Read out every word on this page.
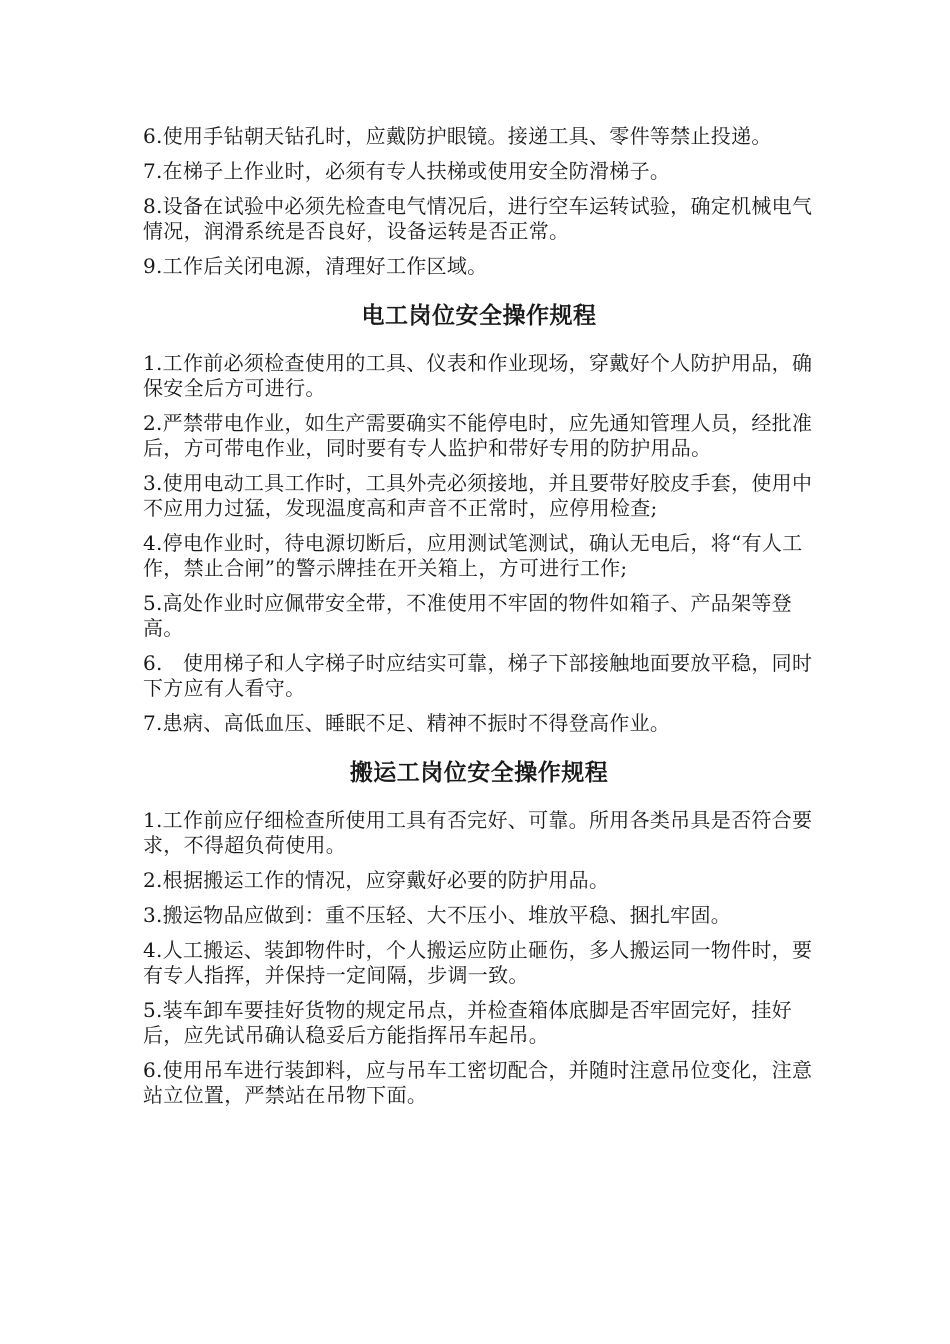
6.使用手钻朝天钻孔时，应戴防护眼镜。接递工具、零件等禁止投递。

7.在梯子上作业时，必须有专人扶梯或使用安全防滑梯子。

8.设备在试验中必须先检查电气情况后，进行空车运转试验，确定机械电气情况，润滑系统是否良好，设备运转是否正常。

9.工作后关闭电源，清理好工作区域。

电工岗位安全操作规程

1.工作前必须检查使用的工具、仪表和作业现场，穿戴好个人防护用品，确保安全后方可进行。

2.严禁带电作业，如生产需要确实不能停电时，应先通知管理人员，经批准后，方可带电作业，同时要有专人监护和带好专用的防护用品。

3.使用电动工具工作时，工具外壳必须接地，并且要带好胶皮手套，使用中不应用力过猛，发现温度高和声音不正常时，应停用检查;

4.停电作业时，待电源切断后，应用测试笔测试，确认无电后，将“有人工作，禁止合闸”的警示牌挂在开关箱上，方可进行工作;

5.高处作业时应佩带安全带，不准使用不牢固的物件如箱子、产品架等登高。

6.　使用梯子和人字梯子时应结实可靠，梯子下部接触地面要放平稳，同时下方应有人看守。

7.患病、高低血压、睡眠不足、精神不振时不得登高作业。

搬运工岗位安全操作规程

1.工作前应仔细检查所使用工具有否完好、可靠。所用各类吊具是否符合要求，不得超负荷使用。

2.根据搬运工作的情况，应穿戴好必要的防护用品。

3.搬运物品应做到：重不压轻、大不压小、堆放平稳、捆扎牢固。

4.人工搬运、装卸物件时，个人搬运应防止砸伤，多人搬运同一物件时，要有专人指挥，并保持一定间隔，步调一致。

5.装车卸车要挂好货物的规定吊点，并检查箱体底脚是否牢固完好，挂好后，应先试吊确认稳妥后方能指挥吊车起吊。

6.使用吊车进行装卸料，应与吊车工密切配合，并随时注意吊位变化，注意站立位置，严禁站在吊物下面。
